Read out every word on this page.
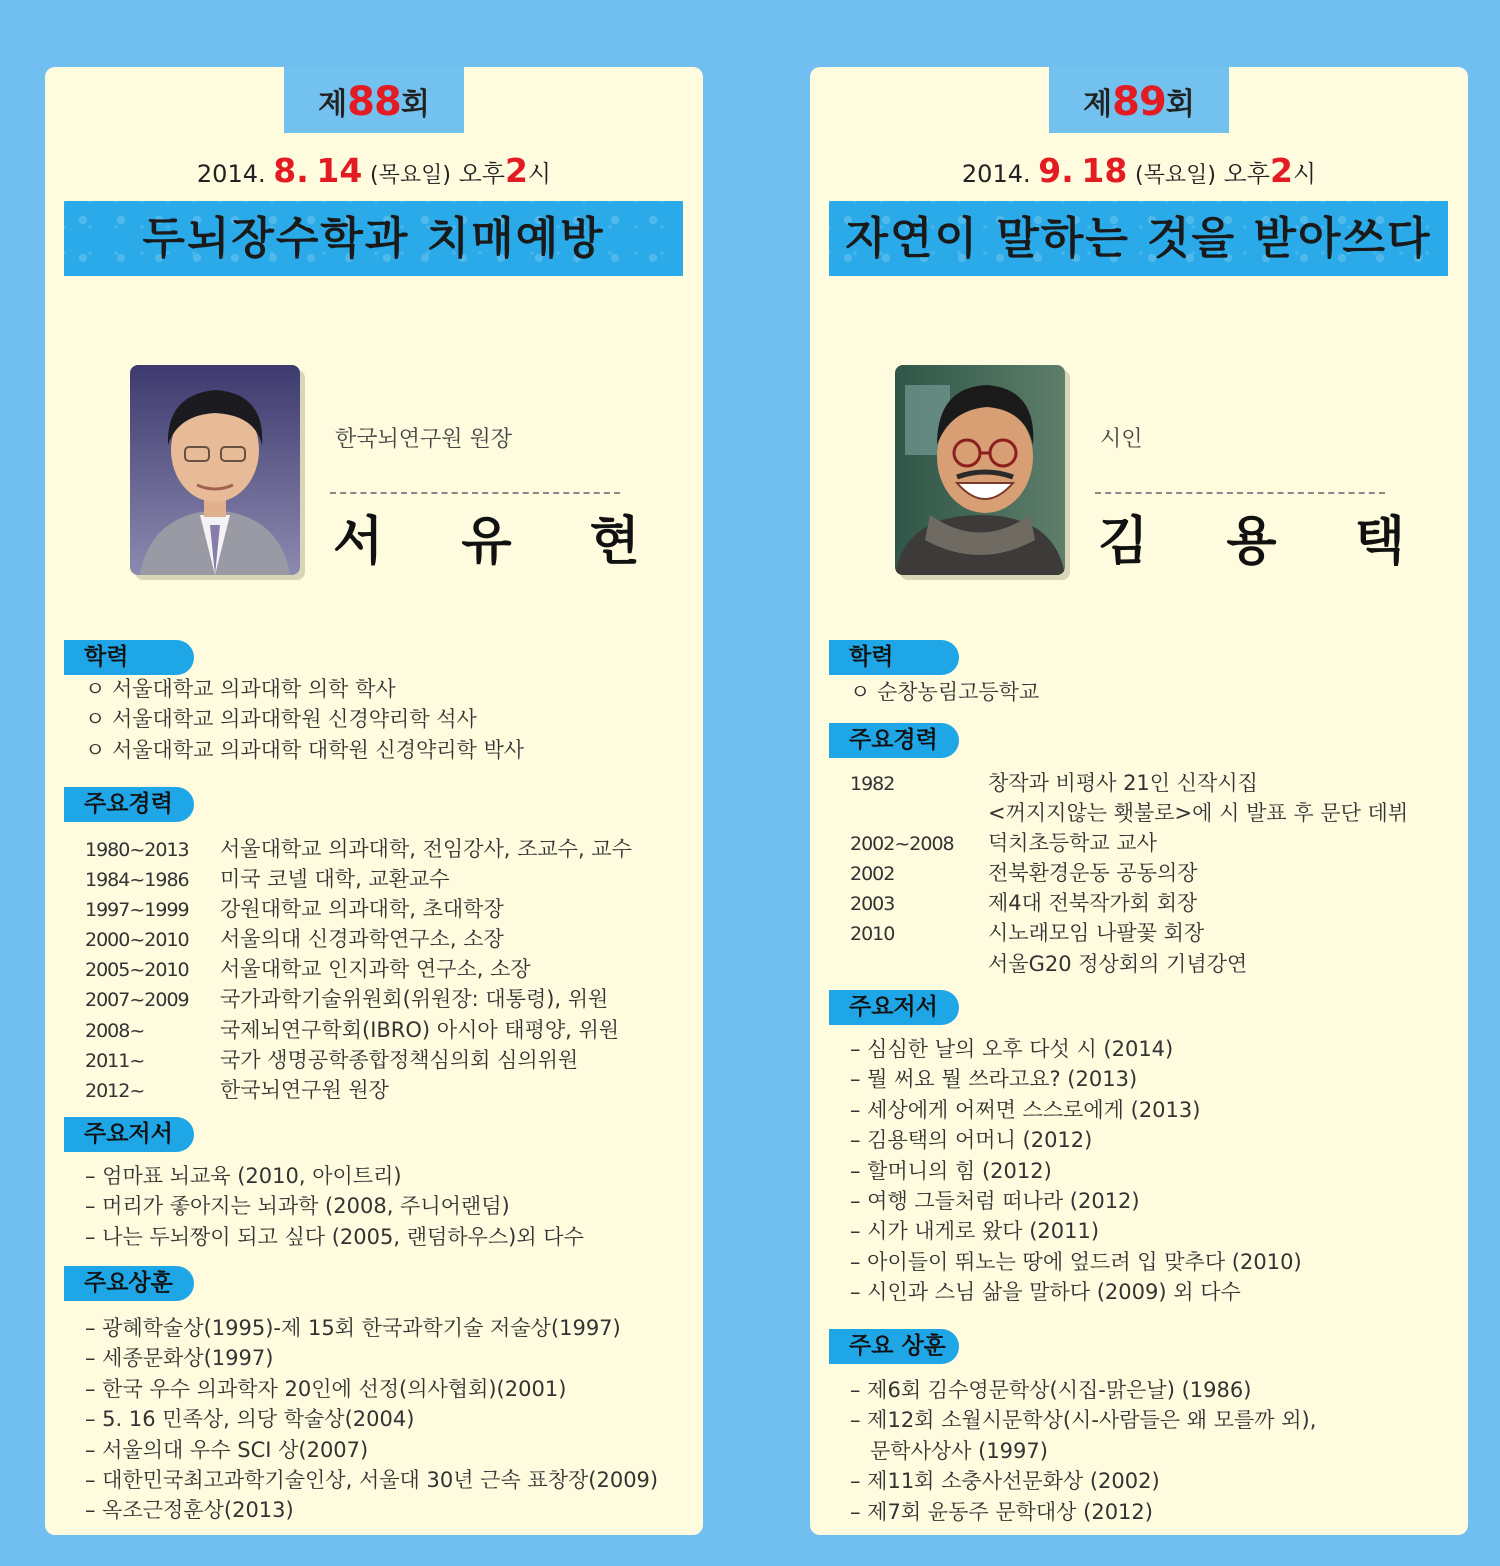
제88회
2014. 8. 14 (목요일) 오후2시
두뇌장수학과 치매예방
한국뇌연구원 원장
서 유 현
학력
ㅇ 서울대학교 의과대학 의학 학사
ㅇ 서울대학교 의과대학원 신경약리학 석사
ㅇ 서울대학교 의과대학 대학원 신경약리학 박사
주요경력
1980~2013 서울대학교 의과대학, 전임강사, 조교수, 교수
1984~1986 미국 코넬 대학, 교환교수
1997~1999 강원대학교 의과대학, 초대학장
2000~2010 서울의대 신경과학연구소, 소장
2005~2010 서울대학교 인지과학 연구소, 소장
2007~2009 국가과학기술위원회(위원장: 대통령), 위원
2008~	국제뇌연구학회(IBRO) 아시아 태평양, 위원
2011~	국가 생명공학종합정책심의회 심의위원
2012~	한국뇌연구원 원장
주요저서
– 엄마표 뇌교육 (2010, 아이트리)
– 머리가 좋아지는 뇌과학 (2008, 주니어랜덤)
– 나는 두뇌짱이 되고 싶다 (2005, 랜덤하우스)외 다수
주요상훈
– 광혜학술상(1995)-제 15회 한국과학기술 저술상(1997)
– 세종문화상(1997)
– 한국 우수 의과학자 20인에 선정(의사협회)(2001)
– 5. 16 민족상, 의당 학술상(2004)
– 서울의대 우수 SCI 상(2007)
– 대한민국최고과학기술인상, 서울대 30년 근속 표창장(2009)
– 옥조근정훈상(2013)
제89회
2014. 9. 18 (목요일) 오후2시
자연이 말하는 것을 받아쓰다
시인
김 용 택
학력
ㅇ 순창농림고등학교
주요경력
1982	창작과 비평사 21인 신작시집
<꺼지지않는 횃불로>에 시 발표 후 문단 데뷔
2002~2008 덕치초등학교 교사
2002	전북환경운동 공동의장
2003	제4대 전북작가회 회장
2010	시노래모임 나팔꽃 회장
서울G20 정상회의 기념강연
주요저서
– 심심한 날의 오후 다섯 시 (2014)
– 뭘 써요 뭘 쓰라고요? (2013)
– 세상에게 어쩌면 스스로에게 (2013)
– 김용택의 어머니 (2012)
– 할머니의 힘 (2012)
– 여행 그들처럼 떠나라 (2012)
– 시가 내게로 왔다 (2011)
– 아이들이 뛰노는 땅에 엎드려 입 맞추다 (2010)
– 시인과 스님 삶을 말하다 (2009) 외 다수
주요 상훈
– 제6회 김수영문학상(시집-맑은날) (1986)
– 제12회 소월시문학상(시-사람들은 왜 모를까 외),
문학사상사 (1997)
– 제11회 소충사선문화상 (2002)
– 제7회 윤동주 문학대상 (2012)
